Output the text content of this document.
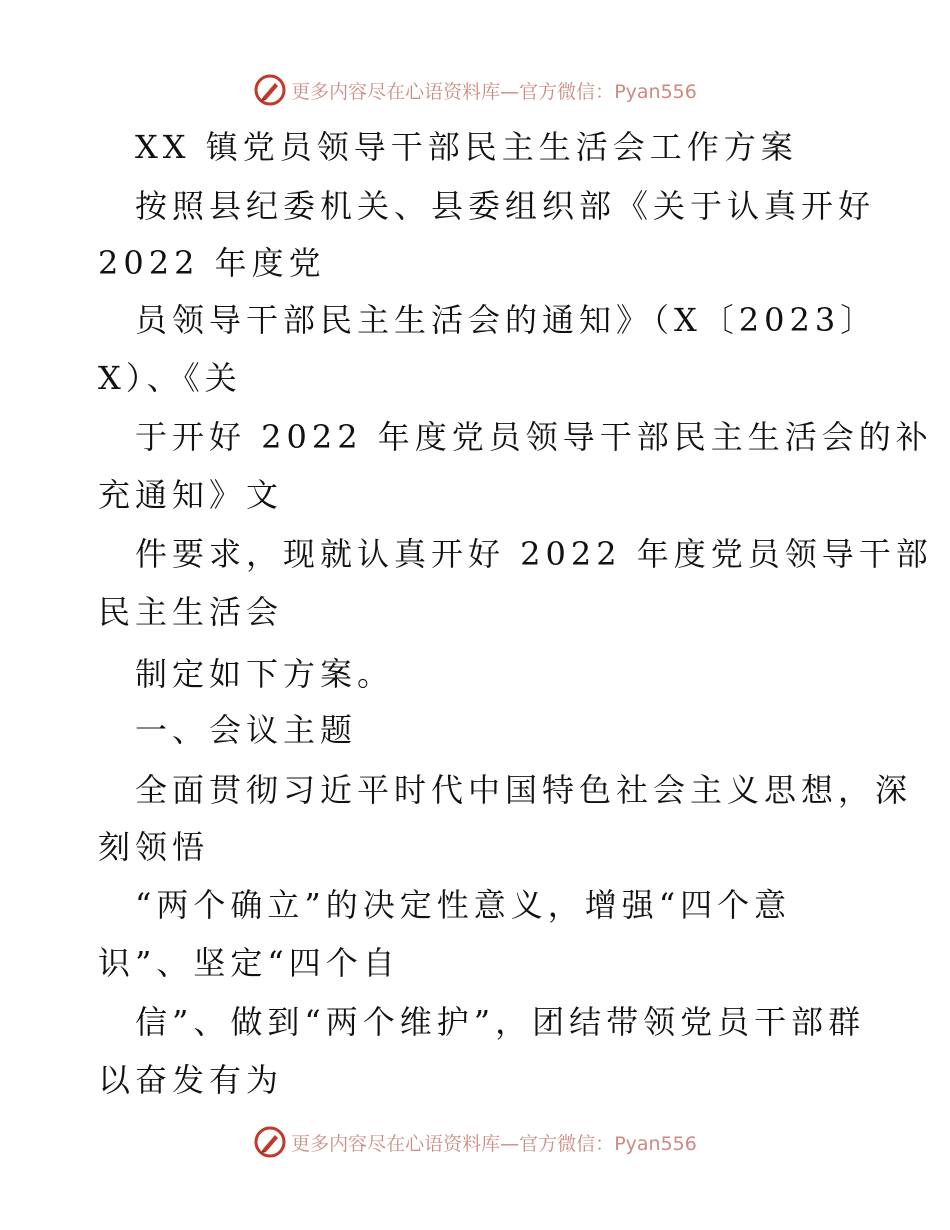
更多内容尽在心语资料库—官方微信：Pyan556
XX 镇党员领导干部民主生活会工作方案
按照县纪委机关、县委组织部《关于认真开好
2022 年度党
员领导干部民主生活会的通知》（X〔2023〕
X）、《关
于开好 2022 年度党员领导干部民主生活会的补
充通知》文
件要求，现就认真开好 2022 年度党员领导干部
民主生活会
制定如下方案。
一、会议主题
全面贯彻习近平时代中国特色社会主义思想，深
刻领悟
“两个确立”的决定性意义，增强“四个意
识”、坚定“四个自
信”、做到“两个维护”，团结带领党员干部群
以奋发有为
更多内容尽在心语资料库—官方微信：Pyan556
